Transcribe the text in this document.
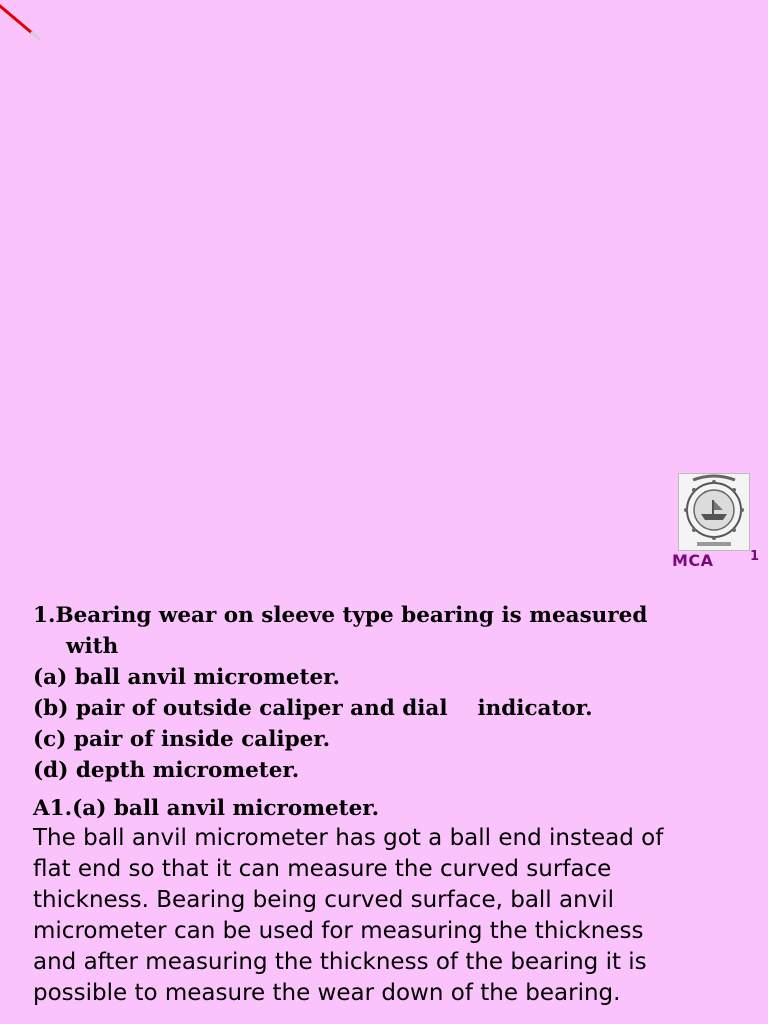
MCA	1
1.Bearing wear on sleeve type bearing is measured
with
(a) ball anvil micrometer.
(b) pair of outside caliper and dial    indicator.
(c) pair of inside caliper.
(d) depth micrometer.
A1.(a) ball anvil micrometer.
The ball anvil micrometer has got a ball end instead of
flat end so that it can measure the curved surface
thickness. Bearing being curved surface, ball anvil
micrometer can be used for measuring the thickness
and after measuring the thickness of the bearing it is
possible to measure the wear down of the bearing.
